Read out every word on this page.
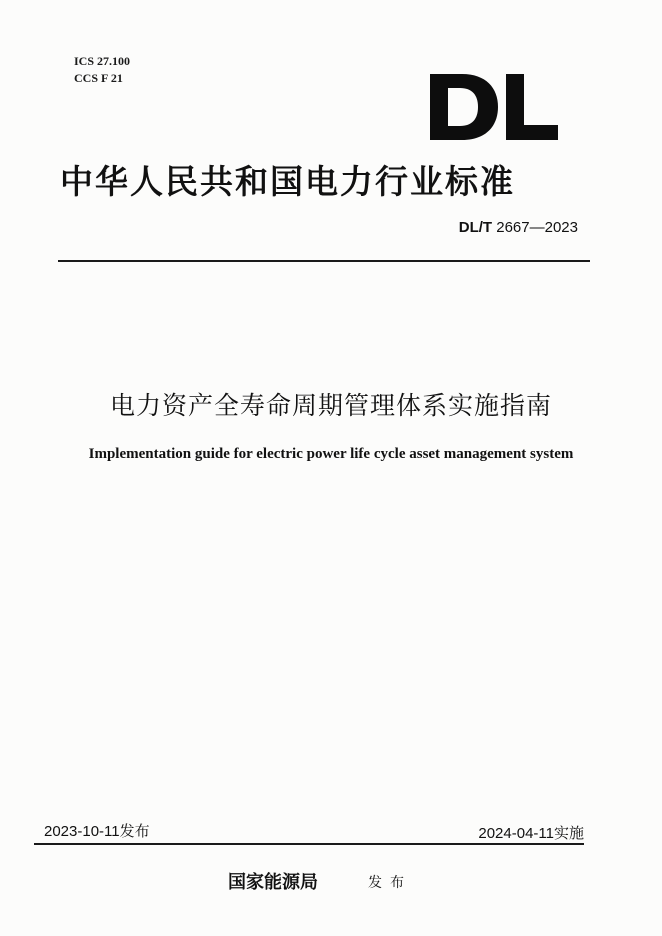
ICS 27.100
CCS F 21
中华人民共和国电力行业标准
DL/T 2667—2023
电力资产全寿命周期管理体系实施指南
Implementation guide for electric power life cycle asset management system
2023-10-11发布	2024-04-11实施
国家能源局	发布
